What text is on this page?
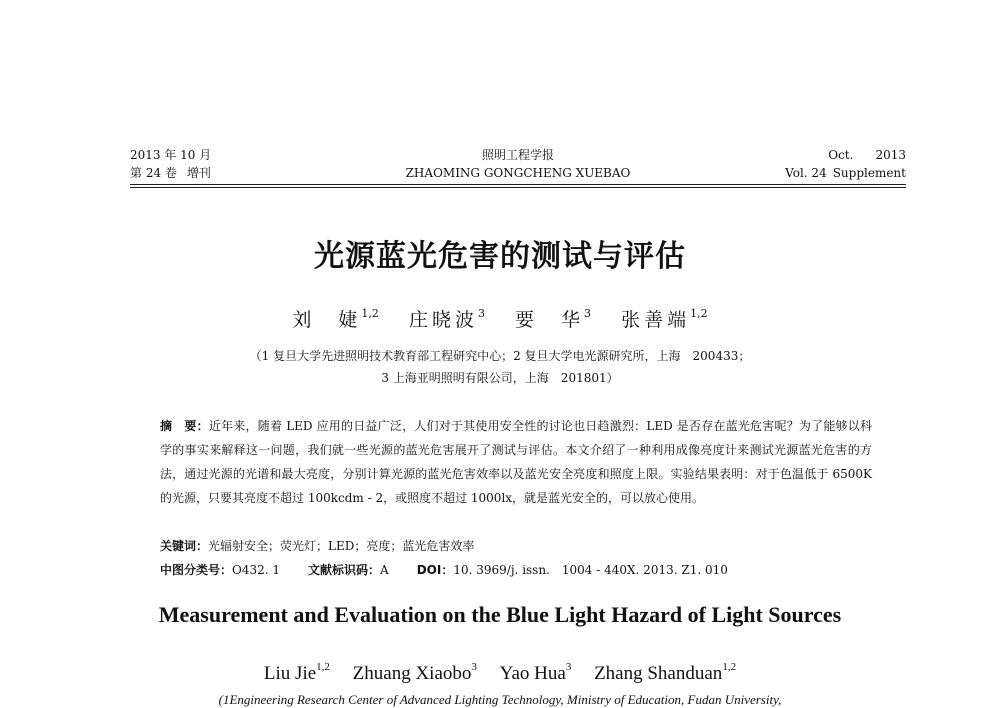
2013 年 10 月
第 24 卷 增刊
照明工程学报
ZHAOMING GONGCHENG XUEBAO
Oct. 2013
Vol. 24 Supplement
光源蓝光危害的测试与评估
刘　婕$^{1,2}$ 庄晓波$^3$ 要　华$^3$ 张善端$^{1,2}$
（1 复旦大学先进照明技术教育部工程研究中心；2 复旦大学电光源研究所，上海　200433；
3 上海亚明照明有限公司，上海　201801）
摘　要：近年来，随着 LED 应用的日益广泛，人们对于其使用安全性的讨论也日趋激烈：LED 是否存在蓝光危害呢？为了能够以科学的事实来解释这一问题，我们就一些光源的蓝光危害展开了测试与评估。本文介绍了一种利用成像亮度计来测试光源蓝光危害的方法，通过光源的光谱和最大亮度，分别计算光源的蓝光危害效率以及蓝光安全亮度和照度上限。实验结果表明：对于色温低于 6500K 的光源，只要其亮度不超过 100kcdm - 2，或照度不超过 1000lx，就是蓝光安全的，可以放心使用。
关键词：光辐射安全；荧光灯；LED；亮度；蓝光危害效率
中图分类号：O432. 1 文献标识码：A DOI：10. 3969/j. issn.　1004 - 440X. 2013. Z1. 010
Measurement and Evaluation on the Blue Light Hazard of Light Sources
Liu Jie$^{1,2}$ Zhuang Xiaobo$^3$ Yao Hua$^3$ Zhang Shanduan$^{1,2}$
(1Engineering Research Center of Advanced Lighting Technology, Ministry of Education, Fudan University,
